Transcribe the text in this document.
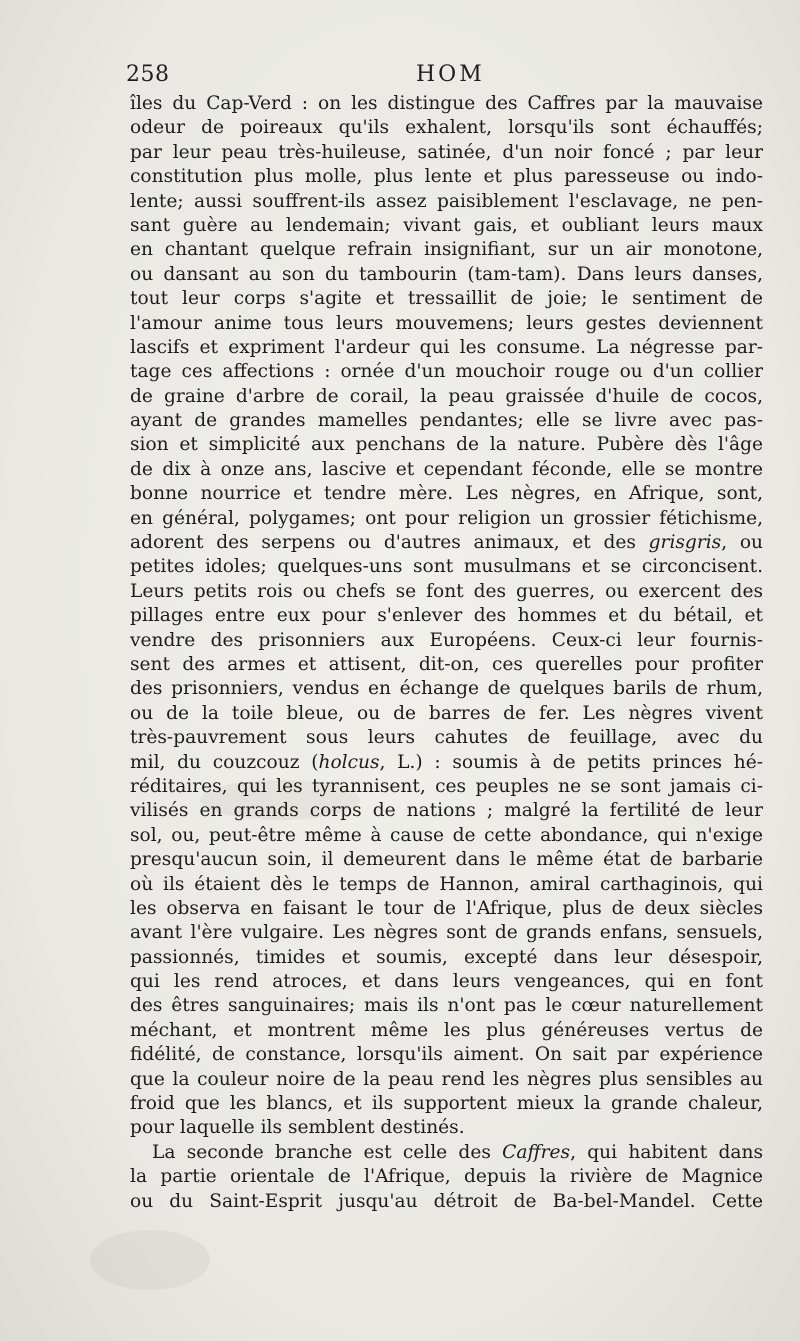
258	HOM
îles du Cap-Verd : on les distingue des Caffres par la mauvaise
odeur de poireaux qu'ils exhalent, lorsqu'ils sont échauffés;
par leur peau très-huileuse, satinée, d'un noir foncé ; par leur
constitution plus molle, plus lente et plus paresseuse ou indo-
lente; aussi souffrent-ils assez paisiblement l'esclavage, ne pen-
sant guère au lendemain; vivant gais, et oubliant leurs maux
en chantant quelque refrain insignifiant, sur un air monotone,
ou dansant au son du tambourin (tam-tam). Dans leurs danses,
tout leur corps s'agite et tressaillit de joie; le sentiment de
l'amour anime tous leurs mouvemens; leurs gestes deviennent
lascifs et expriment l'ardeur qui les consume. La négresse par-
tage ces affections : ornée d'un mouchoir rouge ou d'un collier
de graine d'arbre de corail, la peau graissée d'huile de cocos,
ayant de grandes mamelles pendantes; elle se livre avec pas-
sion et simplicité aux penchans de la nature. Pubère dès l'âge
de dix à onze ans, lascive et cependant féconde, elle se montre
bonne nourrice et tendre mère. Les nègres, en Afrique, sont,
en général, polygames; ont pour religion un grossier fétichisme,
adorent des serpens ou d'autres animaux, et des grisgris, ou
petites idoles; quelques-uns sont musulmans et se circoncisent.
Leurs petits rois ou chefs se font des guerres, ou exercent des
pillages entre eux pour s'enlever des hommes et du bétail, et
vendre des prisonniers aux Européens. Ceux-ci leur fournis-
sent des armes et attisent, dit-on, ces querelles pour profiter
des prisonniers, vendus en échange de quelques barils de rhum,
ou de la toile bleue, ou de barres de fer. Les nègres vivent
très-pauvrement sous leurs cahutes de feuillage, avec du
mil, du couzcouz (holcus, L.) : soumis à de petits princes hé-
réditaires, qui les tyrannisent, ces peuples ne se sont jamais ci-
vilisés en grands corps de nations ; malgré la fertilité de leur
sol, ou, peut-être même à cause de cette abondance, qui n'exige
presqu'aucun soin, il demeurent dans le même état de barbarie
où ils étaient dès le temps de Hannon, amiral carthaginois, qui
les observa en faisant le tour de l'Afrique, plus de deux siècles
avant l'ère vulgaire. Les nègres sont de grands enfans, sensuels,
passionnés, timides et soumis, excepté dans leur désespoir,
qui les rend atroces, et dans leurs vengeances, qui en font
des êtres sanguinaires; mais ils n'ont pas le cœur naturellement
méchant, et montrent même les plus généreuses vertus de
fidélité, de constance, lorsqu'ils aiment. On sait par expérience
que la couleur noire de la peau rend les nègres plus sensibles au
froid que les blancs, et ils supportent mieux la grande chaleur,
pour laquelle ils semblent destinés.
La seconde branche est celle des Caffres, qui habitent dans
la partie orientale de l'Afrique, depuis la rivière de Magnice
ou du Saint-Esprit jusqu'au détroit de Ba-bel-Mandel. Cette
